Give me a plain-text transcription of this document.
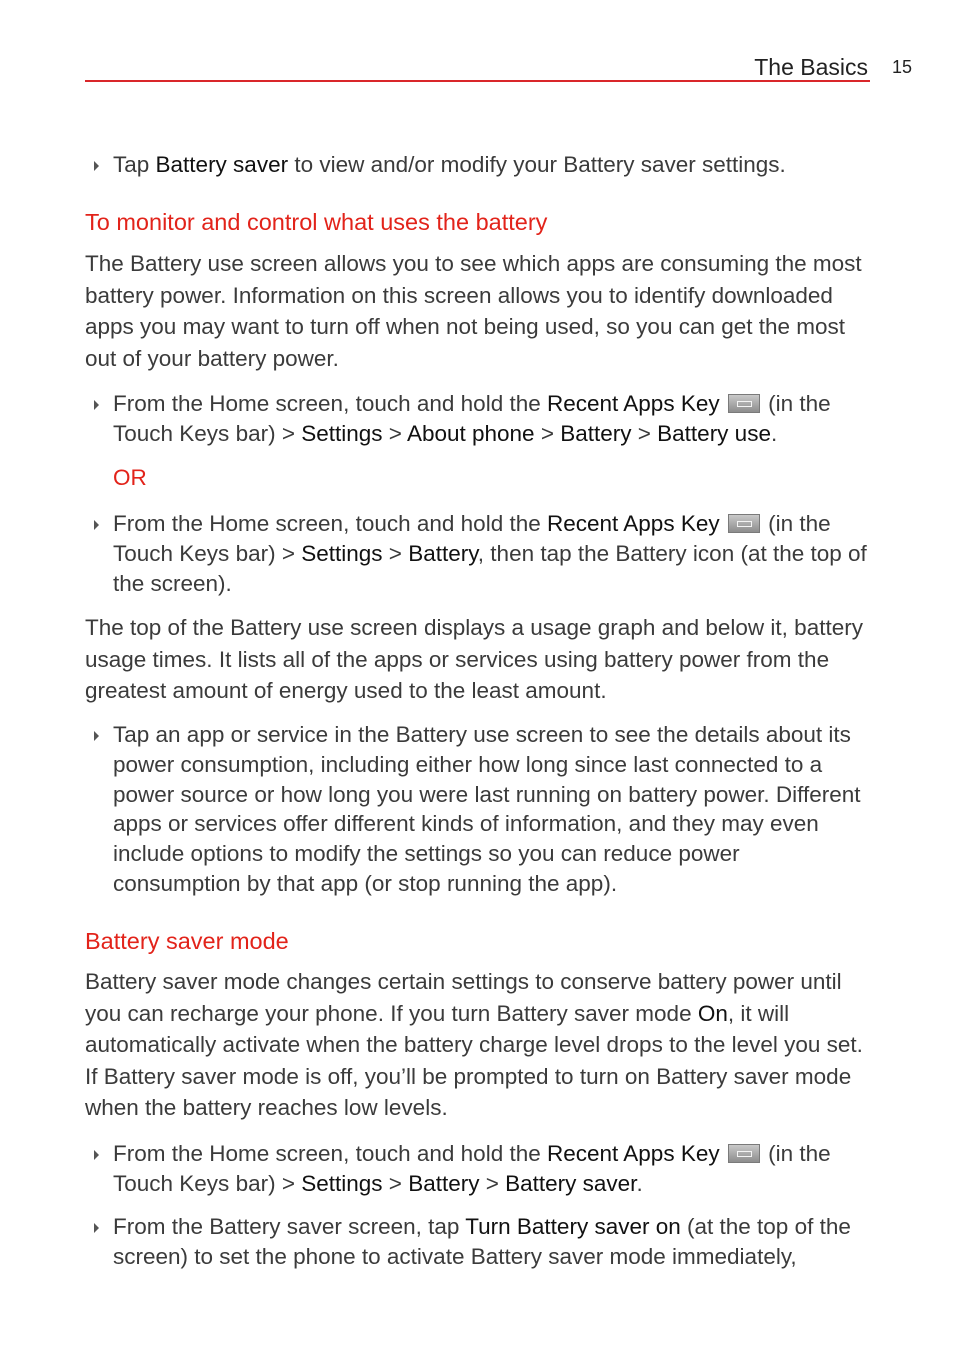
The Basics 15
Tap Battery saver to view and/or modify your Battery saver settings.
To monitor and control what uses the battery
The Battery use screen allows you to see which apps are consuming the most battery power. Information on this screen allows you to identify downloaded apps you may want to turn off when not being used, so you can get the most out of your battery power.
From the Home screen, touch and hold the Recent Apps Key  (in the Touch Keys bar) > Settings > About phone > Battery > Battery use.
OR
From the Home screen, touch and hold the Recent Apps Key  (in the Touch Keys bar) > Settings > Battery, then tap the Battery icon (at the top of the screen).
The top of the Battery use screen displays a usage graph and below it, battery usage times. It lists all of the apps or services using battery power from the greatest amount of energy used to the least amount.
Tap an app or service in the Battery use screen to see the details about its power consumption, including either how long since last connected to a power source or how long you were last running on battery power. Different apps or services offer different kinds of information, and they may even include options to modify the settings so you can reduce power consumption by that app (or stop running the app).
Battery saver mode
Battery saver mode changes certain settings to conserve battery power until you can recharge your phone. If you turn Battery saver mode On, it will automatically activate when the battery charge level drops to the level you set. If Battery saver mode is off, you’ll be prompted to turn on Battery saver mode when the battery reaches low levels.
From the Home screen, touch and hold the Recent Apps Key  (in the Touch Keys bar) > Settings > Battery > Battery saver.
From the Battery saver screen, tap Turn Battery saver on (at the top of the screen) to set the phone to activate Battery saver mode immediately,
